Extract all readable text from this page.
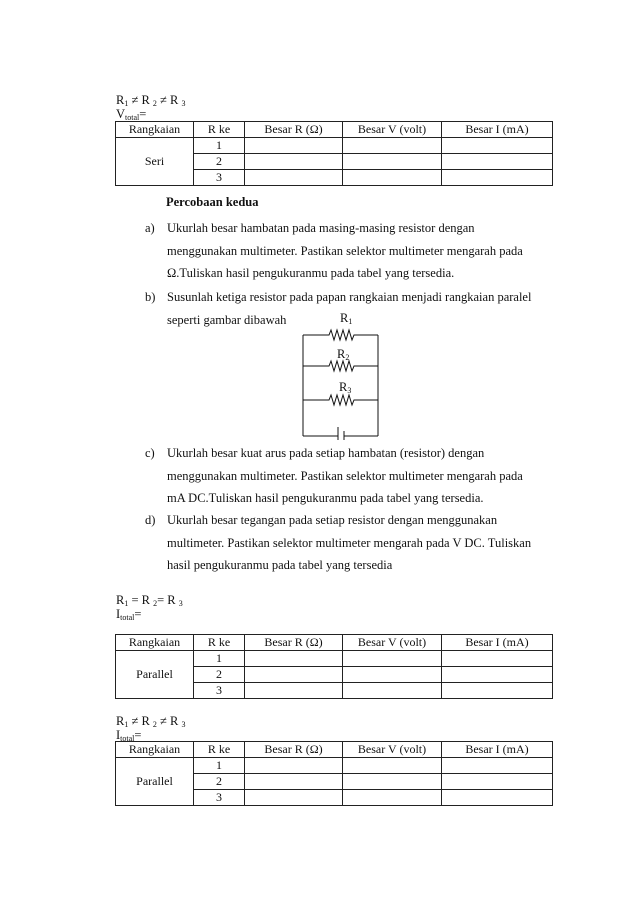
$R_1 \ne R$ $_2$ ≠ R $_3$
$V_{total}=$
Rangkaian	R ke	Besar R (Ω)	Besar V (volt)	Besar I (mA)
Seri	1			
	2			
	3			
Percobaan kedua
a) Ukurlah besar hambatan pada masing-masing resistor dengan
menggunakan multimeter. Pastikan selektor multimeter mengarah pada
Ω.Tuliskan hasil pengukuranmu pada tabel yang tersedia.
b) Susunlah ketiga resistor pada papan rangkaian menjadi rangkaian paralel
seperti gambar dibawah	$R_1$
$R_2$
$R_3$
c) Ukurlah besar kuat arus pada setiap hambatan (resistor) dengan
menggunakan multimeter. Pastikan selektor multimeter mengarah pada
mA DC.Tuliskan hasil pengukuranmu pada tabel yang tersedia.
d) Ukurlah besar tegangan pada setiap resistor dengan menggunakan
multimeter. Pastikan selektor multimeter mengarah pada V DC. Tuliskan
hasil pengukuranmu pada tabel yang tersedia
$R_1 = R$ $_2$= R $_3$
$I_{total}=$
Rangkaian	R ke	Besar R (Ω)	Besar V (volt)	Besar I (mA)
Parallel	1			
	2			
	3			
$R_1 \ne R$ $_2$ ≠ R $_3$
$I_{total}=$
Rangkaian	R ke	Besar R (Ω)	Besar V (volt)	Besar I (mA)
Parallel	1			
	2			
	3			
